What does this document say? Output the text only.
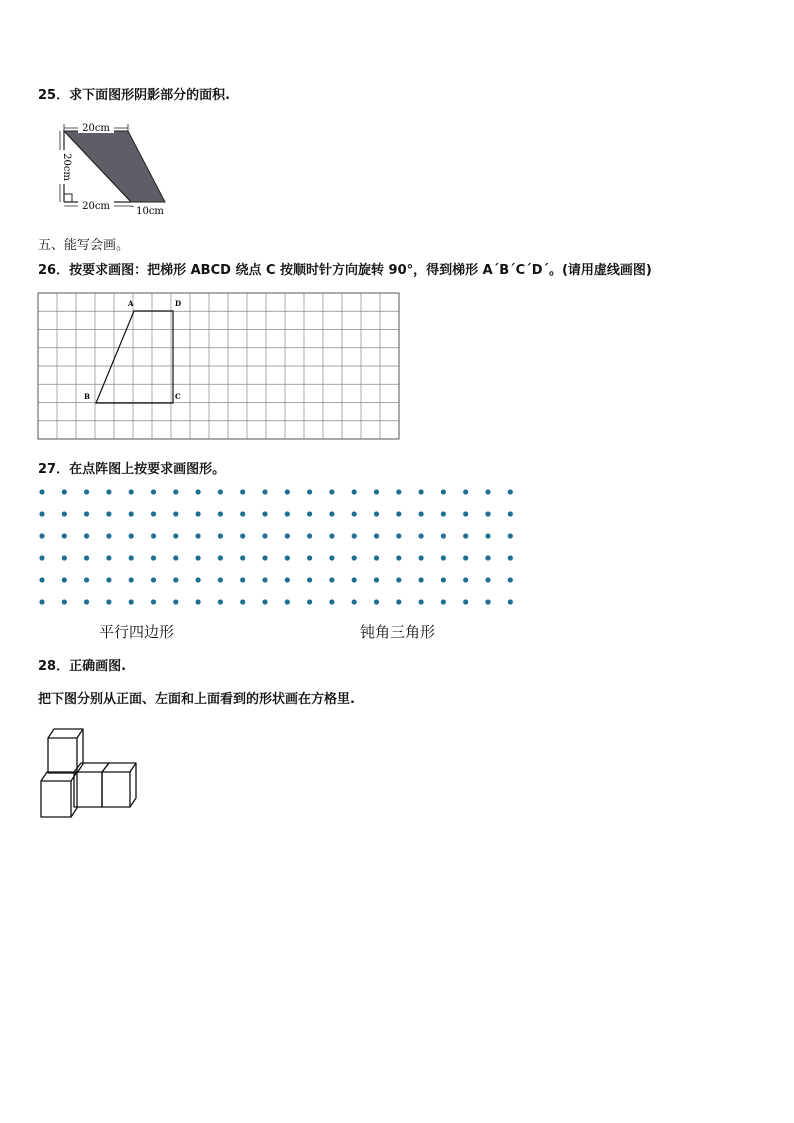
25．求下面图形阴影部分的面积.
20cm
20cm
20cm	10cm
五、能写会画。
26．按要求画图：把梯形 ABCD 绕点 C 按顺时针方向旋转 90°，得到梯形 A´B´C´D´。(请用虚线画图)
A	D
B	C
27．在点阵图上按要求画图形。
平行四边形	钝角三角形
28．正确画图.
把下图分别从正面、左面和上面看到的形状画在方格里.
